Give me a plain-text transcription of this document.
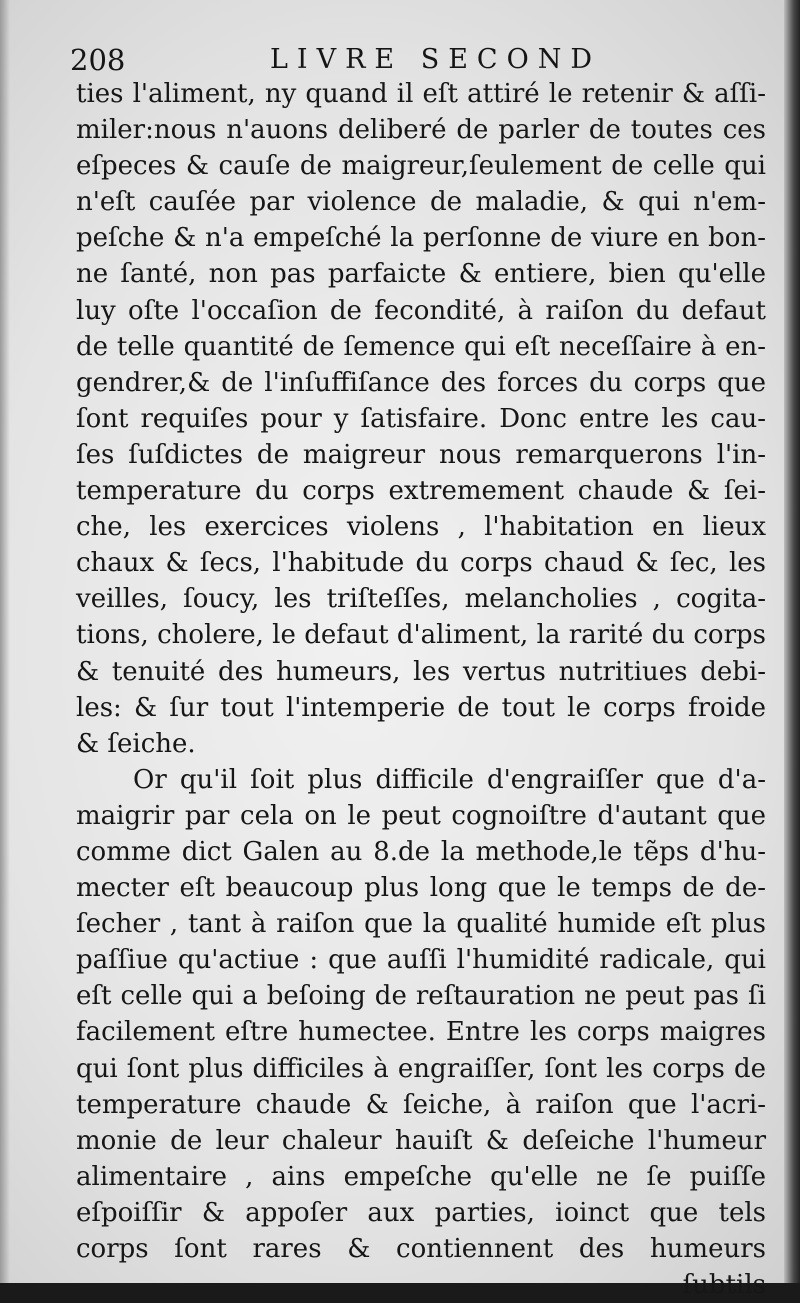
208	LIVRE SECOND
ties l'aliment, ny quand il eſt attiré le retenir & aſſi-
miler:nous n'auons deliberé de parler de toutes ces
eſpeces & cauſe de maigreur,ſeulement de celle qui
n'eſt cauſée par violence de maladie, & qui n'em-
peſche & n'a empeſché la perſonne de viure en bon-
ne ſanté, non pas parfaicte & entiere, bien qu'elle
luy oſte l'occaſion de fecondité, à raiſon du defaut
de telle quantité de ſemence qui eſt neceſſaire à en-
gendrer,& de l'inſuffiſance des forces du corps que
ſont requiſes pour y ſatisfaire. Donc entre les cau-
ſes ſuſdictes de maigreur nous remarquerons l'in-
temperature du corps extremement chaude & ſei-
che, les exercices violens , l'habitation en lieux
chaux & ſecs, l'habitude du corps chaud & ſec, les
veilles, ſoucy, les triſteſſes, melancholies , cogita-
tions, cholere, le defaut d'aliment, la rarité du corps
& tenuité des humeurs, les vertus nutritiues debi-
les: & ſur tout l'intemperie de tout le corps froide
& ſeiche.
Or qu'il ſoit plus difficile d'engraiſſer que d'a-
maigrir par cela on le peut cognoiſtre d'autant que
comme dict Galen au 8.de la methode,le tẽps d'hu-
mecter eſt beaucoup plus long que le temps de de-
ſecher , tant à raiſon que la qualité humide eſt plus
paſſiue qu'actiue : que auſſi l'humidité radicale, qui
eſt celle qui a beſoing de reſtauration ne peut pas ſi
facilement eſtre humectee. Entre les corps maigres
qui ſont plus difficiles à engraiſſer, ſont les corps de
temperature chaude & ſeiche, à raiſon que l'acri-
monie de leur chaleur hauiſt & deſeiche l'humeur
alimentaire , ains empeſche qu'elle ne ſe puiſſe
eſpoiſſir & appoſer aux parties, ioinct que tels
corps ſont rares & contiennent des humeurs
ſubtils
